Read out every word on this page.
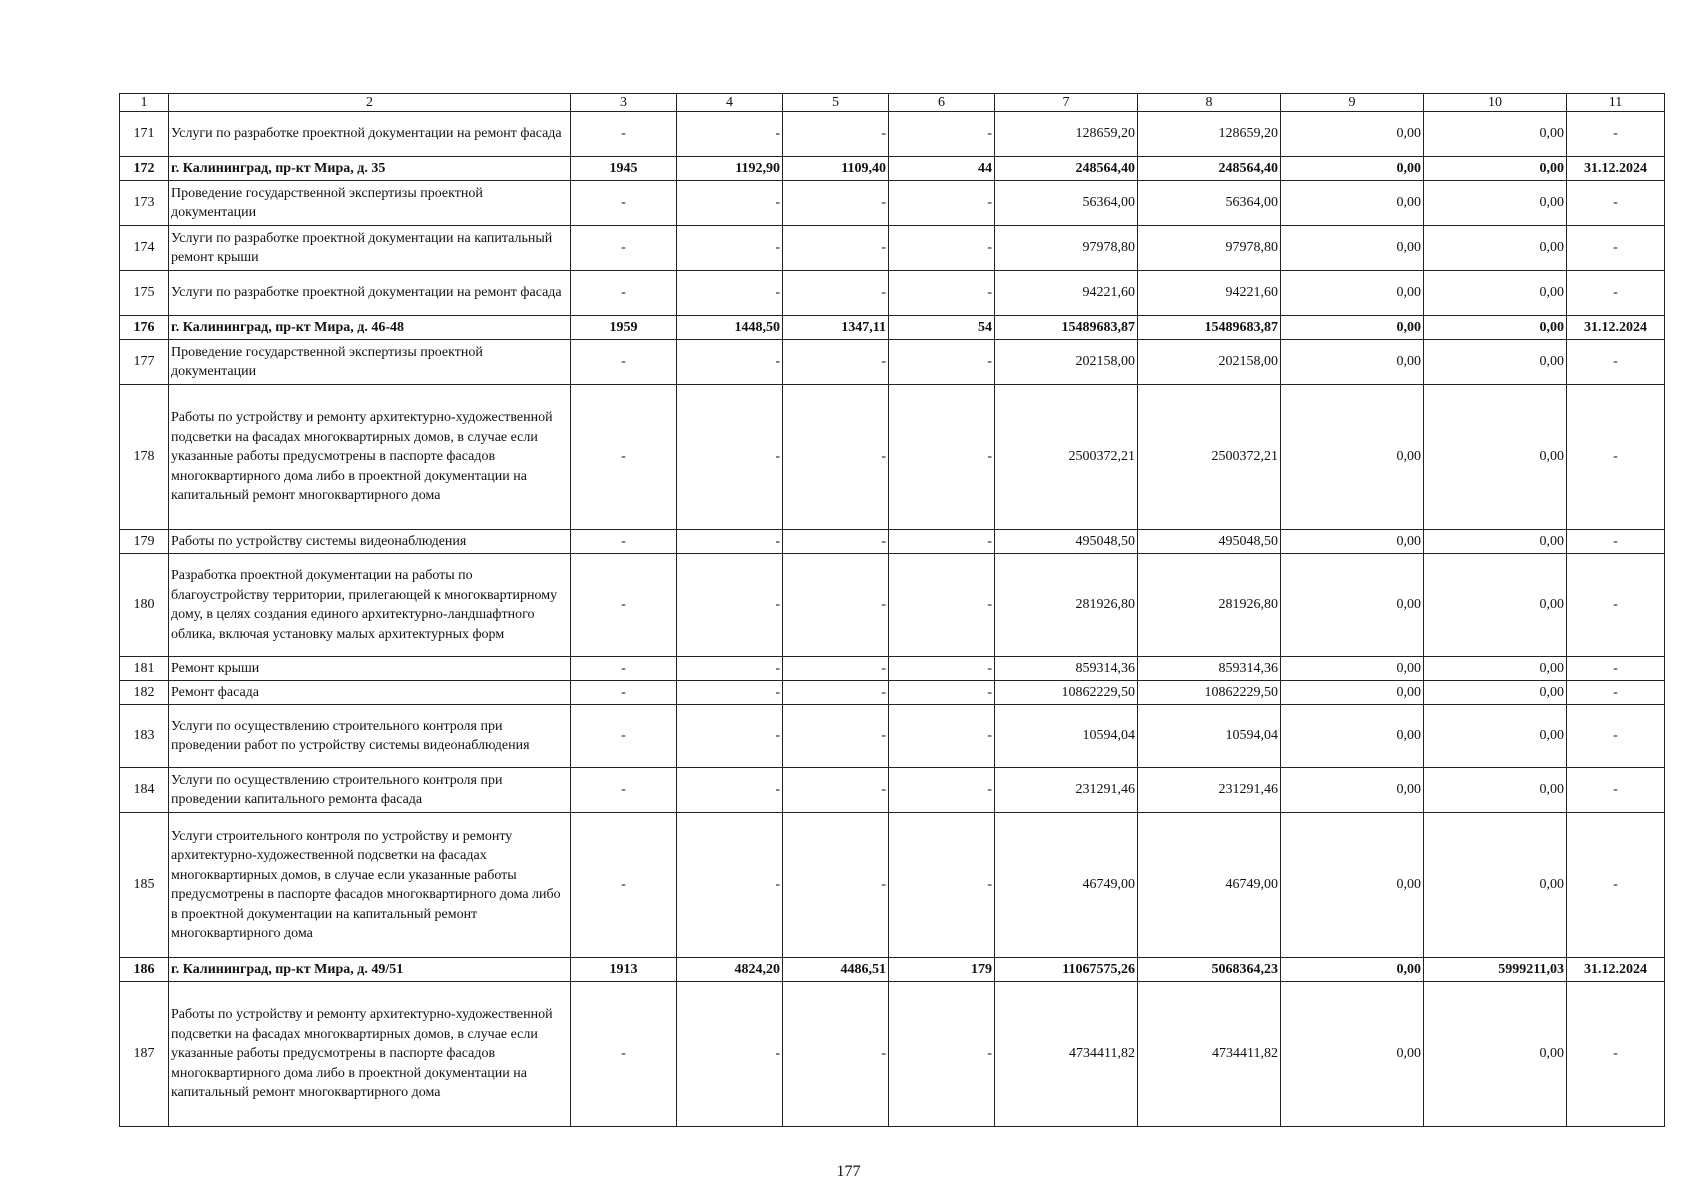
1	2	3	4	5	6	7	8	9	10	11
171	Услуги по разработке проектной документации на ремонт фасада	-	-	-	-	128659,20	128659,20	0,00	0,00	-
172	г. Калининград, пр-кт Мира, д. 35	1945	1192,90	1109,40	44	248564,40	248564,40	0,00	0,00	31.12.2024
173	Проведение государственной экспертизы проектной документации	-	-	-	-	56364,00	56364,00	0,00	0,00	-
174	Услуги по разработке проектной документации на капитальный ремонт крыши	-	-	-	-	97978,80	97978,80	0,00	0,00	-
175	Услуги по разработке проектной документации на ремонт фасада	-	-	-	-	94221,60	94221,60	0,00	0,00	-
176	г. Калининград, пр-кт Мира, д. 46-48	1959	1448,50	1347,11	54	15489683,87	15489683,87	0,00	0,00	31.12.2024
177	Проведение государственной экспертизы проектной документации	-	-	-	-	202158,00	202158,00	0,00	0,00	-
178	Работы по устройству и ремонту архитектурно-художественной подсветки на фасадах многоквартирных домов, в случае если указанные работы предусмотрены в паспорте фасадов многоквартирного дома либо в проектной документации на капитальный ремонт многоквартирного дома	-	-	-	-	2500372,21	2500372,21	0,00	0,00	-
179	Работы по устройству системы видеонаблюдения	-	-	-	-	495048,50	495048,50	0,00	0,00	-
180	Разработка проектной документации на работы по благоустройству территории, прилегающей к многоквартирному дому, в целях создания единого архитектурно-ландшафтного облика, включая установку малых архитектурных форм	-	-	-	-	281926,80	281926,80	0,00	0,00	-
181	Ремонт крыши	-	-	-	-	859314,36	859314,36	0,00	0,00	-
182	Ремонт фасада	-	-	-	-	10862229,50	10862229,50	0,00	0,00	-
183	Услуги по осуществлению строительного контроля при проведении работ по устройству системы видеонаблюдения	-	-	-	-	10594,04	10594,04	0,00	0,00	-
184	Услуги по осуществлению строительного контроля при проведении капитального ремонта фасада	-	-	-	-	231291,46	231291,46	0,00	0,00	-
185	Услуги строительного контроля по устройству и ремонту архитектурно-художественной подсветки на фасадах многоквартирных домов, в случае если указанные работы предусмотрены в паспорте фасадов многоквартирного дома либо в проектной документации на капитальный ремонт многоквартирного дома	-	-	-	-	46749,00	46749,00	0,00	0,00	-
186	г. Калининград, пр-кт Мира, д. 49/51	1913	4824,20	4486,51	179	11067575,26	5068364,23	0,00	5999211,03	31.12.2024
187	Работы по устройству и ремонту архитектурно-художественной подсветки на фасадах многоквартирных домов, в случае если указанные работы предусмотрены в паспорте фасадов многоквартирного дома либо в проектной документации на капитальный ремонт многоквартирного дома	-	-	-	-	4734411,82	4734411,82	0,00	0,00	-
177
